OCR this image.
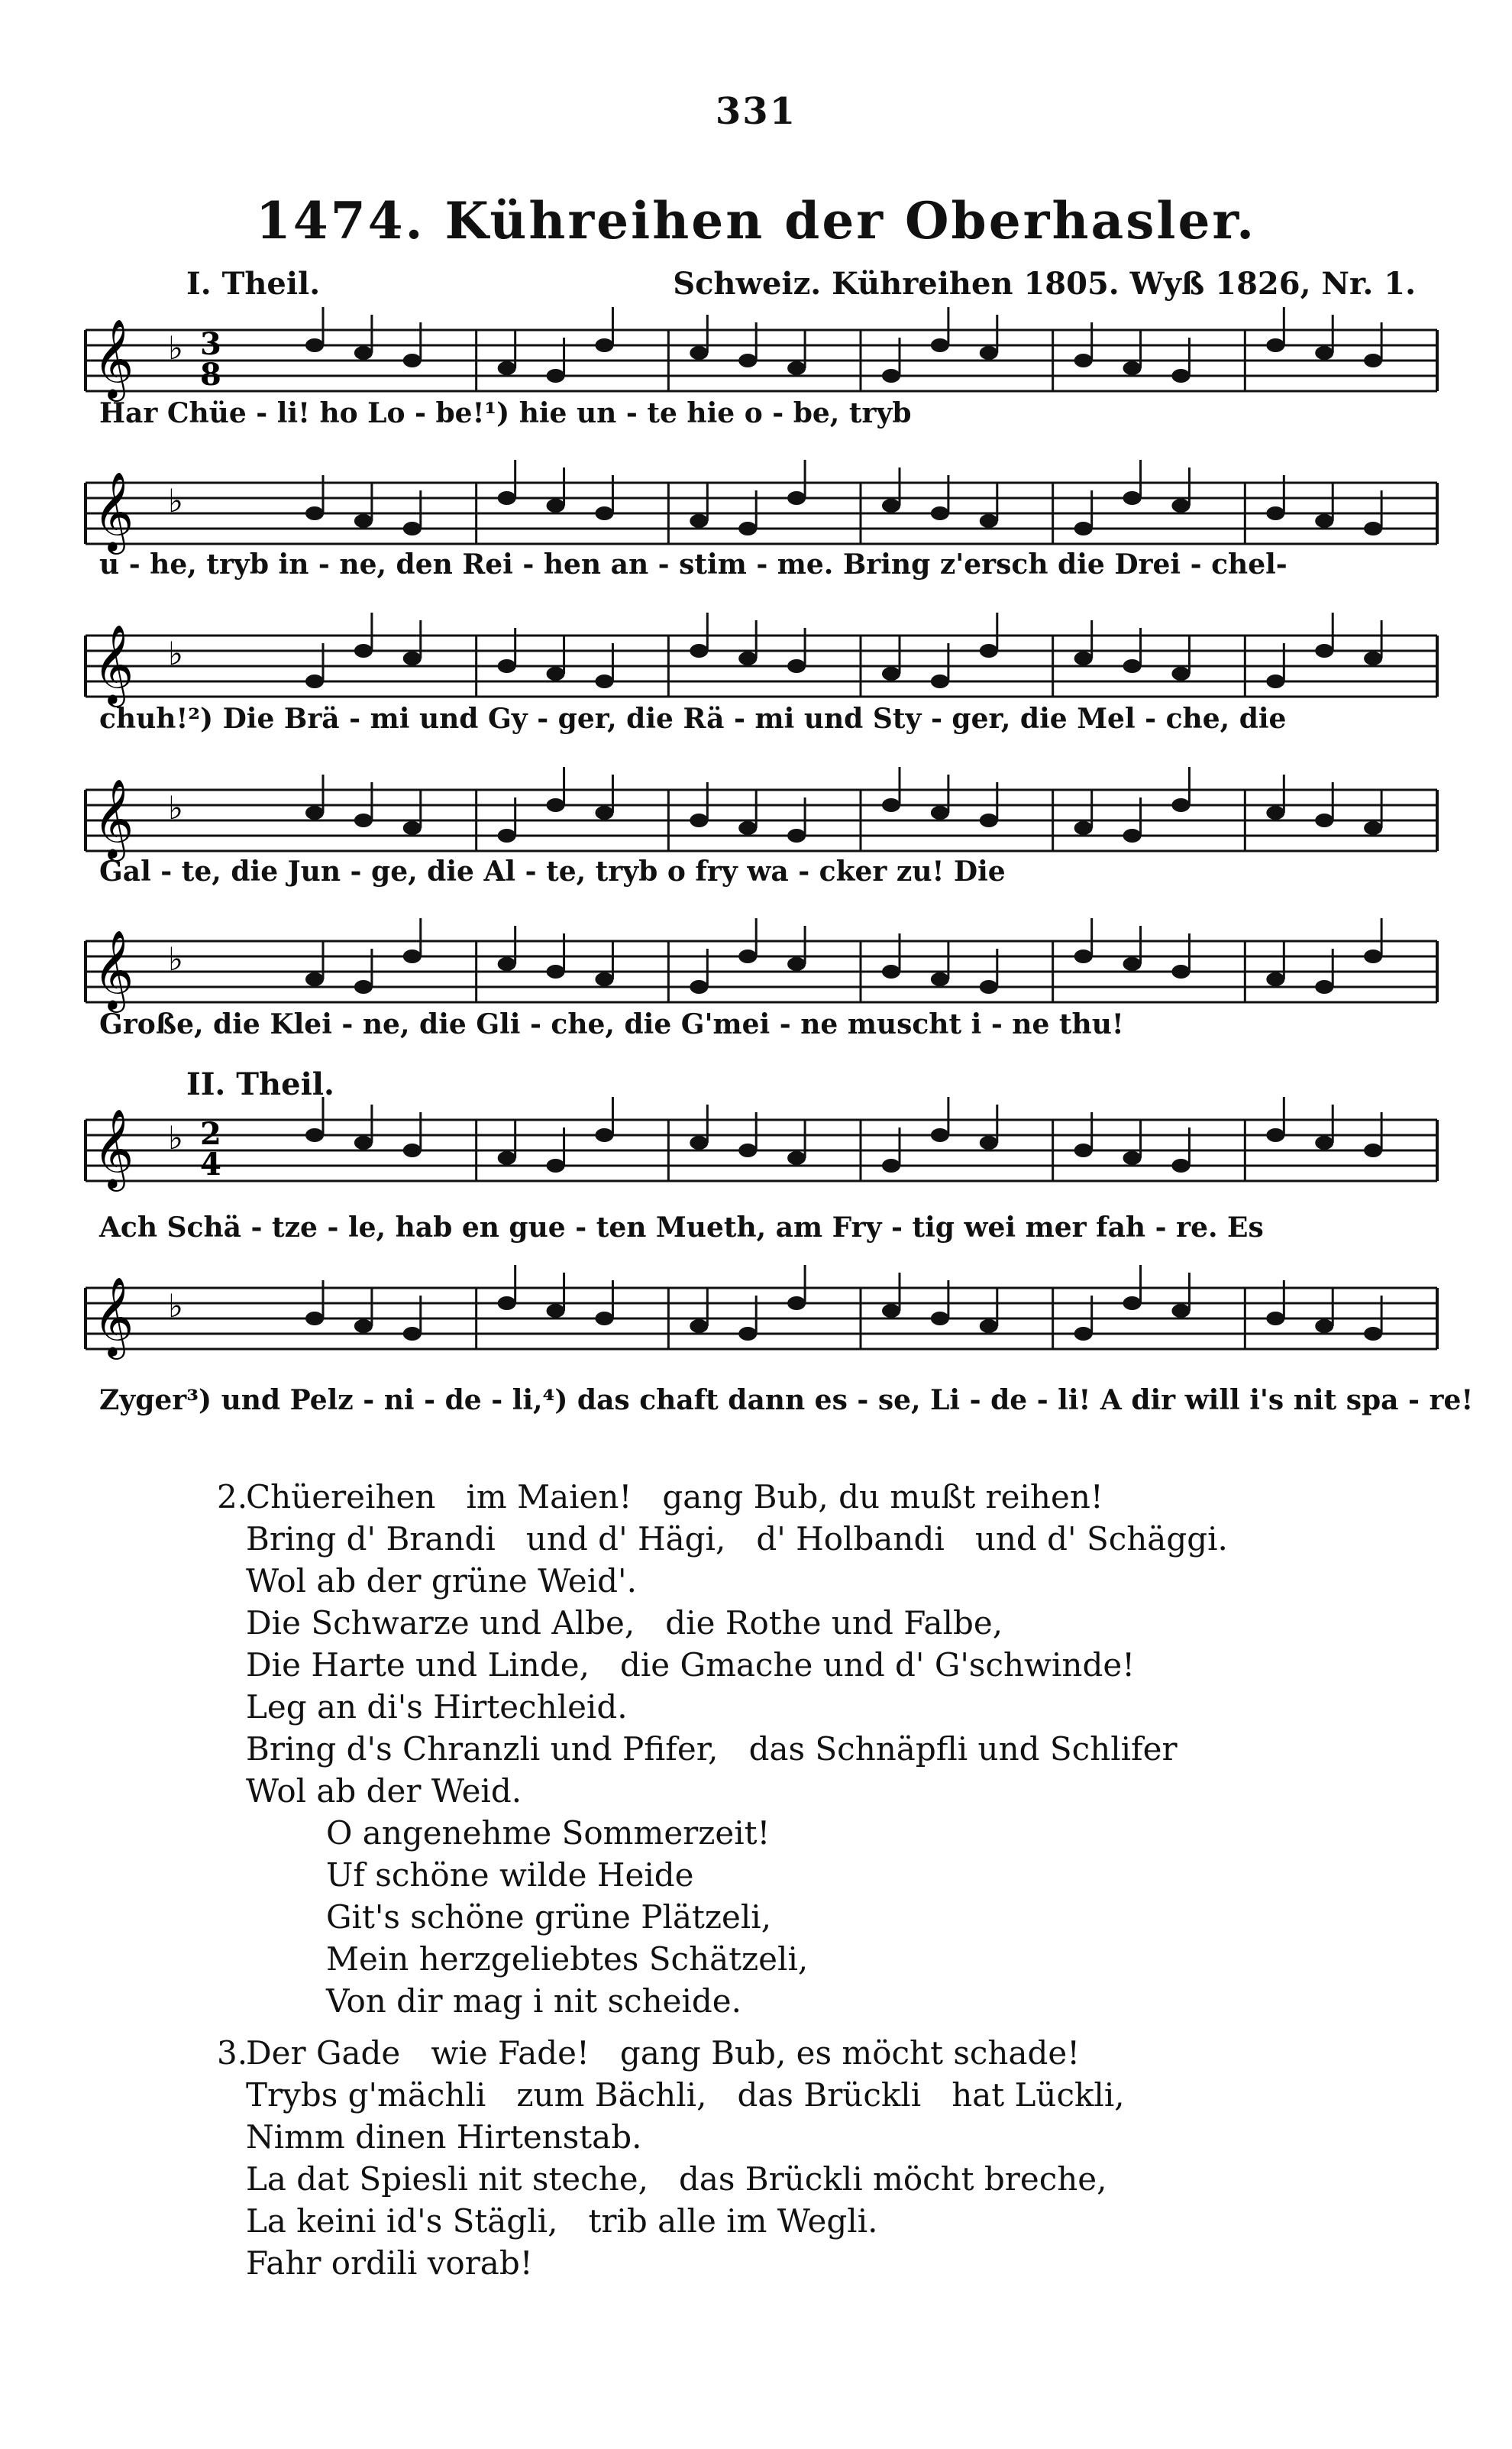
331
1474. Kühreihen der Oberhasler.
I. Theil.	Schweiz. Kühreihen 1805. Wyß 1826, Nr. 1.
𝄞 ♭ 3
8
Har Chüe - li! ho Lo - be!¹) hie un - te hie o - be, tryb
𝄞 ♭
u - he, tryb in - ne, den Rei - hen an - stim - me. Bring z'ersch die Drei - chel-
𝄞 ♭
chuh!²) Die Brä - mi und Gy - ger, die Rä - mi und Sty - ger, die Mel - che, die
𝄞 ♭
Gal - te, die Jun - ge, die Al - te, tryb o fry wa - cker zu! Die
𝄞 ♭
Große, die Klei - ne, die Gli - che, die G'mei - ne muscht i - ne thu!
II. Theil.
𝄞 ♭ 2
4
Ach Schä - tze - le, hab en gue - ten Mueth, am Fry - tig wei mer fah - re. Es
𝄞 ♭
Zyger³) und Pelz - ni - de - li,⁴) das chaft dann es - se, Li - de - li! A dir will i's nit spa - re!
2.
Chüereihen   im Maien!   gang Bub, du mußt reihen!
Bring d' Brandi   und d' Hägi,   d' Holbandi   und d' Schäggi.
Wol ab der grüne Weid'.
Die Schwarze und Albe,   die Rothe und Falbe,
Die Harte und Linde,   die Gmache und d' G'schwinde!
Leg an di's Hirtechleid.
Bring d's Chranzli und Pfifer,   das Schnäpfli und Schlifer
Wol ab der Weid.
O angenehme Sommerzeit!
Uf schöne wilde Heide
Git's schöne grüne Plätzeli,
Mein herzgeliebtes Schätzeli,
Von dir mag i nit scheide.
3.
Der Gade   wie Fade!   gang Bub, es möcht schade!
Trybs g'mächli   zum Bächli,   das Brückli   hat Lückli,
Nimm dinen Hirtenstab.
La dat Spiesli nit steche,   das Brückli möcht breche,
La keini id's Stägli,   trib alle im Wegli.
Fahr ordili vorab!
